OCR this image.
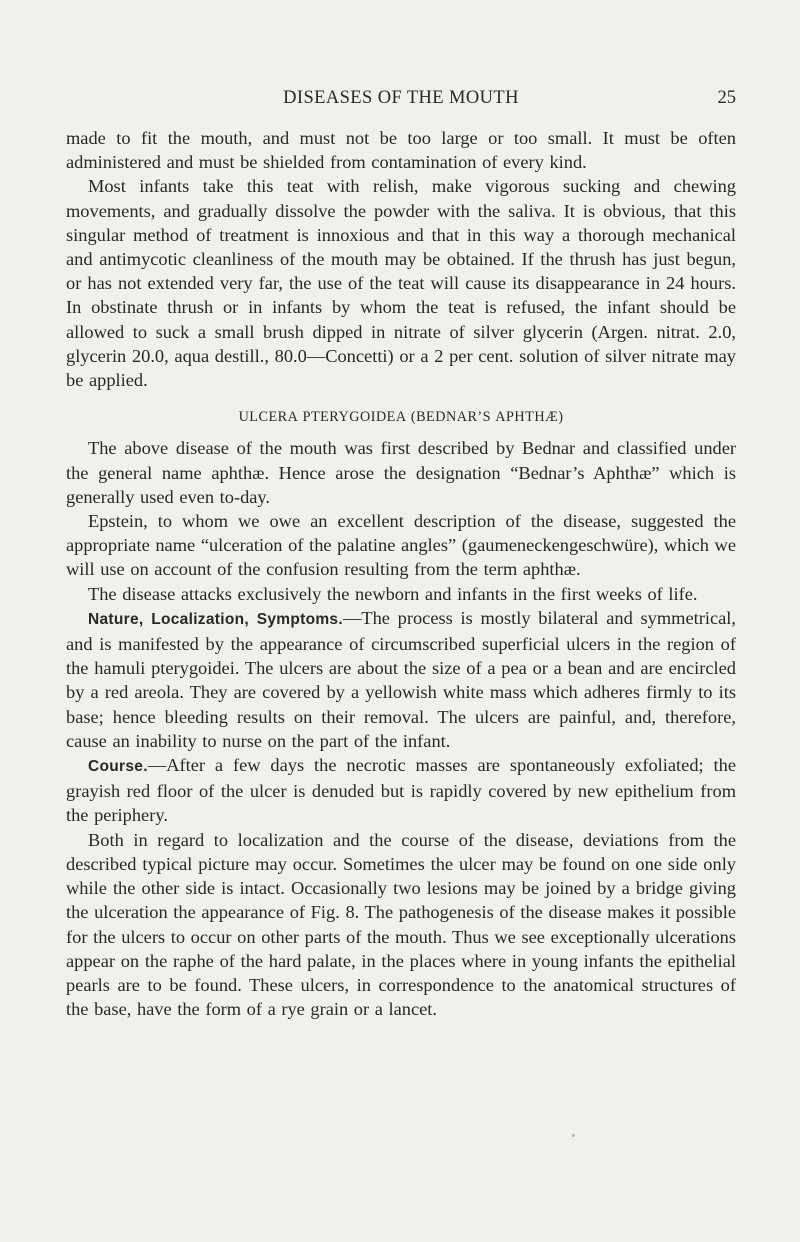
DISEASES OF THE MOUTH	25

made to fit the mouth, and must not be too large or too small. It must be often administered and must be shielded from contamination of every kind.

Most infants take this teat with relish, make vigorous sucking and chewing movements, and gradually dissolve the powder with the saliva. It is obvious, that this singular method of treatment is innoxious and that in this way a thorough mechanical and antimycotic cleanliness of the mouth may be obtained. If the thrush has just begun, or has not extended very far, the use of the teat will cause its disappearance in 24 hours. In obstinate thrush or in infants by whom the teat is refused, the infant should be allowed to suck a small brush dipped in nitrate of silver glycerin (Argen. nitrat. 2.0, glycerin 20.0, aqua destill., 80.0—Concetti) or a 2 per cent. solution of silver nitrate may be applied.

ULCERA PTERYGOIDEA (BEDNAR’S APHTHÆ)

The above disease of the mouth was first described by Bednar and classified under the general name aphthæ. Hence arose the designation “Bednar’s Aphthæ” which is generally used even to-day.

Epstein, to whom we owe an excellent description of the disease, suggested the appropriate name “ulceration of the palatine angles” (gaumeneckengeschwüre), which we will use on account of the confusion resulting from the term aphthæ.

The disease attacks exclusively the newborn and infants in the first weeks of life.

Nature, Localization, Symptoms.—The process is mostly bilateral and symmetrical, and is manifested by the appearance of circumscribed superficial ulcers in the region of the hamuli pterygoidei. The ulcers are about the size of a pea or a bean and are encircled by a red areola. They are covered by a yellowish white mass which adheres firmly to its base; hence bleeding results on their removal. The ulcers are painful, and, therefore, cause an inability to nurse on the part of the infant.

Course.—After a few days the necrotic masses are spontaneously exfoliated; the grayish red floor of the ulcer is denuded but is rapidly covered by new epithelium from the periphery.

Both in regard to localization and the course of the disease, deviations from the described typical picture may occur. Sometimes the ulcer may be found on one side only while the other side is intact. Occasionally two lesions may be joined by a bridge giving the ulceration the appearance of Fig. 8. The pathogenesis of the disease makes it possible for the ulcers to occur on other parts of the mouth. Thus we see exceptionally ulcerations appear on the raphe of the hard palate, in the places where in young infants the epithelial pearls are to be found. These ulcers, in correspondence to the anatomical structures of the base, have the form of a rye grain or a lancet.
